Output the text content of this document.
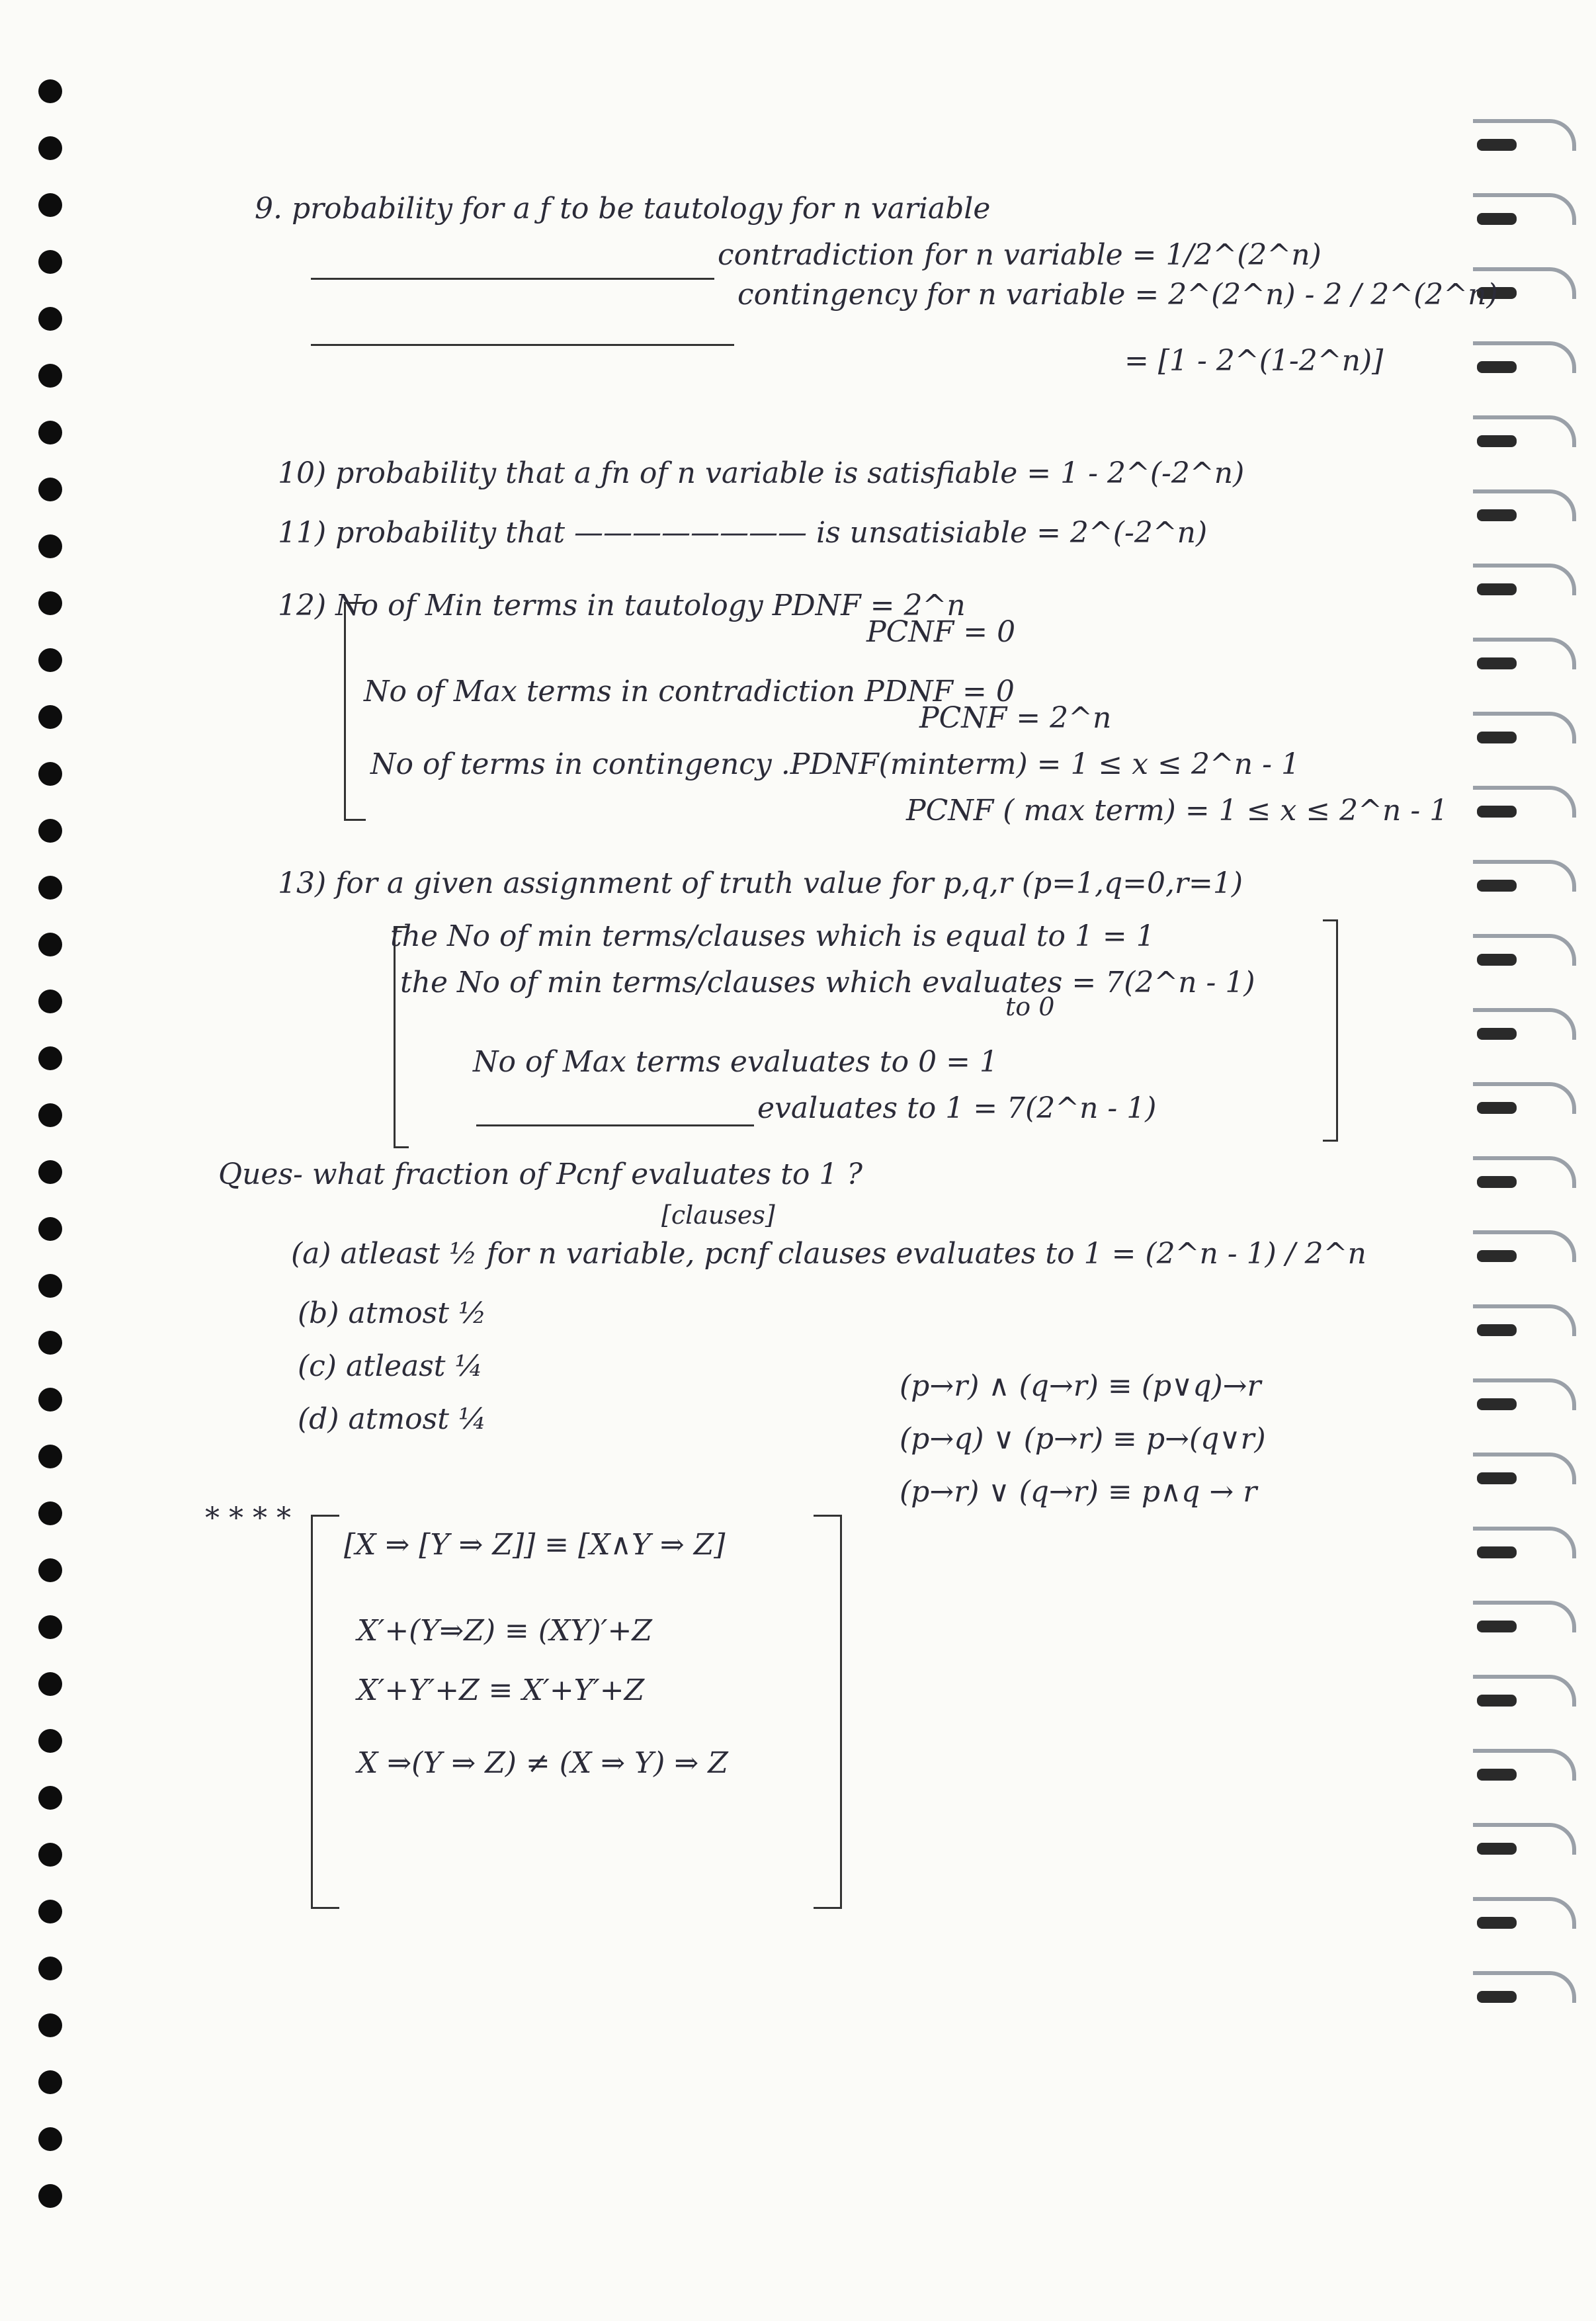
9. probability for a ƒ to be tautology for n variable
contradiction for n variable = 1/2^(2^n)
contingency for n variable = 2^(2^n) - 2 / 2^(2^n)
= [1 - 2^(1-2^n)]
10) probability that a ƒn of n variable is satisfiable = 1 - 2^(-2^n)
11) probability that ———————— is unsatisiable = 2^(-2^n)
12) No of Min terms in tautology PDNF = 2^n
PCNF = 0
No of Max terms in contradiction PDNF = 0
PCNF = 2^n
No of terms in contingency .PDNF(minterm) = 1 ≤ x ≤ 2^n - 1
PCNF ( max term) = 1 ≤ x ≤ 2^n - 1
13) for a given assignment of truth value for p,q,r (p=1,q=0,r=1)
the No of min terms/clauses which is equal to 1 = 1
the No of min terms/clauses which evaluates = 7(2^n - 1)
to 0
No of Max terms evaluates to 0 = 1
evaluates to 1 = 7(2^n - 1)
Ques- what fraction of Pcnf evaluates to 1 ?
[clauses]
(a) atleast ½ for n variable, pcnf clauses evaluates to 1 = (2^n - 1) / 2^n
(b) atmost ½
(c) atleast ¼
(d) atmost ¼
(p→r) ∧ (q→r) ≡ (p∨q)→r
(p→q) ∨ (p→r) ≡ p→(q∨r)
(p→r) ∨ (q→r) ≡ p∧q → r
* * * *
[X ⇒ [Y ⇒ Z]] ≡ [X∧Y ⇒ Z]
X′+(Y⇒Z) ≡ (XY)′+Z
X′+Y′+Z ≡ X′+Y′+Z
X ⇒(Y ⇒ Z) ≠ (X ⇒ Y) ⇒ Z
